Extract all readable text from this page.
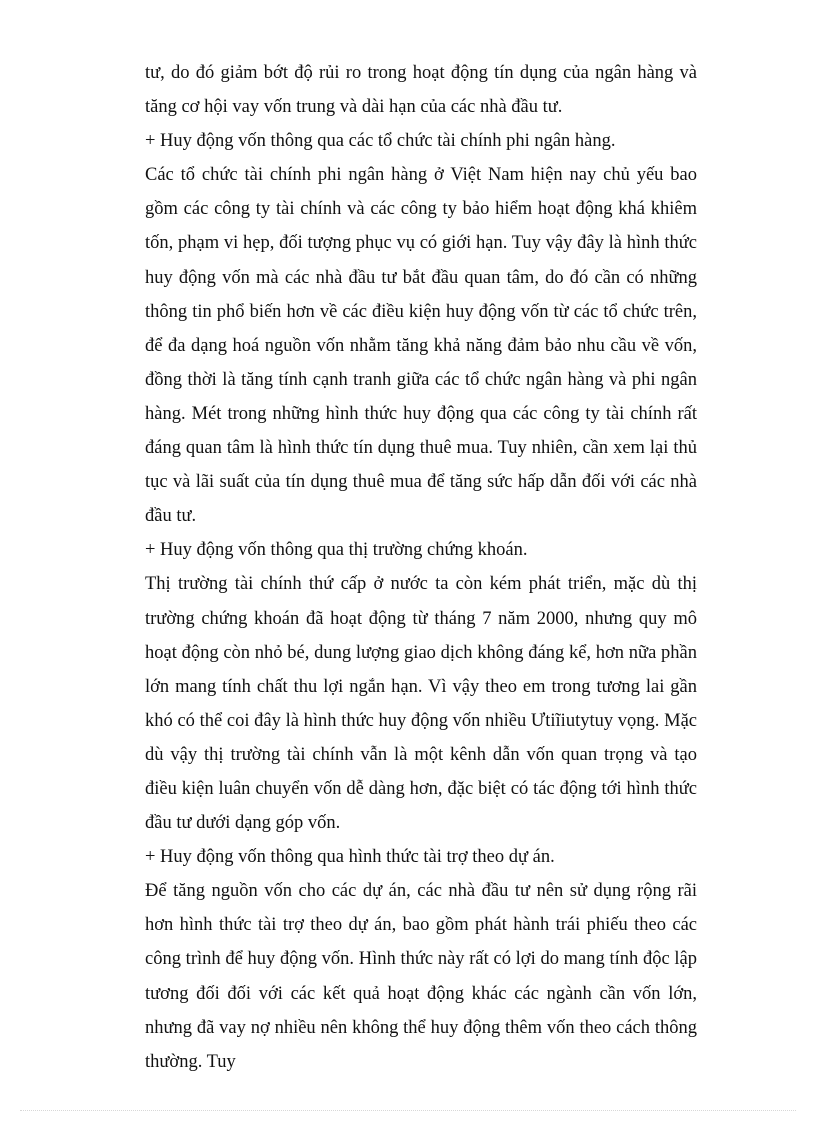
tư, do đó giảm bớt độ rủi ro trong hoạt động tín dụng của ngân hàng và tăng cơ hội vay vốn trung và dài hạn của các nhà đầu tư.

+ Huy động vốn thông qua các tổ chức tài chính phi ngân hàng.

Các tổ chức tài chính phi ngân hàng ở Việt Nam hiện nay chủ yếu bao gồm các công ty tài chính và các công ty bảo hiểm hoạt động khá khiêm tốn, phạm vi hẹp, đối tượng phục vụ có giới hạn. Tuy vậy đây là hình thức huy động vốn mà các nhà đầu tư bắt đầu quan tâm, do đó cần có những thông tin phổ biến hơn về các điều kiện huy động vốn từ các tổ chức trên, để đa dạng hoá nguồn vốn nhằm tăng khả năng đảm bảo nhu cầu về vốn, đồng thời là tăng tính cạnh tranh giữa các tổ chức ngân hàng và phi ngân hàng. Mét trong những hình thức huy động qua các công ty tài chính rất đáng quan tâm là hình thức tín dụng thuê mua. Tuy nhiên, cần xem lại thủ tục và lãi suất của tín dụng thuê mua để tăng sức hấp dẫn đối với các nhà đầu tư.

+ Huy động vốn thông qua thị trường chứng khoán.

Thị trường tài chính thứ cấp ở nước ta còn kém phát triển, mặc dù thị trường chứng khoán đã hoạt động từ tháng 7 năm 2000, nhưng quy mô hoạt động còn nhỏ bé, dung lượng giao dịch không đáng kể, hơn nữa phần lớn mang tính chất thu lợi ngắn hạn. Vì vậy theo em trong tương lai gần khó có thể coi đây là hình thức huy động vốn nhiều Ưtiĩiutytuy vọng. Mặc dù vậy thị trường tài chính vẫn là một kênh dẫn vốn quan trọng và tạo điều kiện luân chuyển vốn dễ dàng hơn, đặc biệt có tác động tới hình thức đầu tư dưới dạng góp vốn.

+ Huy động vốn thông qua hình thức tài trợ theo dự án.

Để tăng nguồn vốn cho các dự án, các nhà đầu tư nên sử dụng rộng rãi hơn hình thức tài trợ theo dự án, bao gồm phát hành trái phiếu theo các công trình để huy động vốn. Hình thức này rất có lợi do mang tính độc lập tương đối đối với các kết quả hoạt động khác các ngành cần vốn lớn, nhưng đã vay nợ nhiều nên không thể huy động thêm vốn theo cách thông thường. Tuy
